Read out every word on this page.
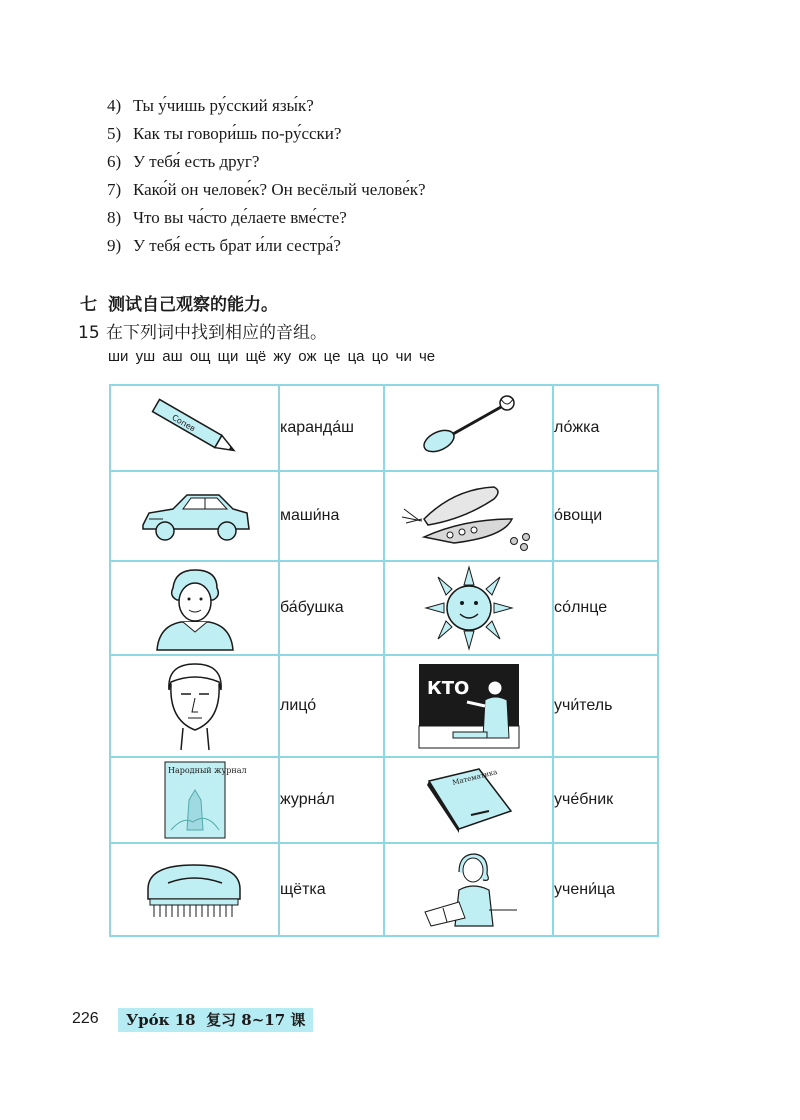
4) Ты у́чишь ру́сский язы́к?
5) Как ты говори́шь по-ру́сски?
6) У тебя́ есть друг?
7) Како́й он челове́к? Он весёлый челове́к?
8) Что вы ча́сто де́лаете вме́сте?
9) У тебя́ есть брат и́ли сестра́?
七 测试自己观察的能力。
15 在下列词中找到相应的音组。
ши уш аш ощ щи щё жу ож це ца цо чи че
Сопев	каранда́ш		ло́жка

	маши́на		о́вощи

	ба́бушка		со́лнце

	лицо́	КТО	учи́тель

Народный журнал	журна́л	Математика	уче́бник

	щётка		учени́ца
226	Уро́к 18 复习 8~17 课
